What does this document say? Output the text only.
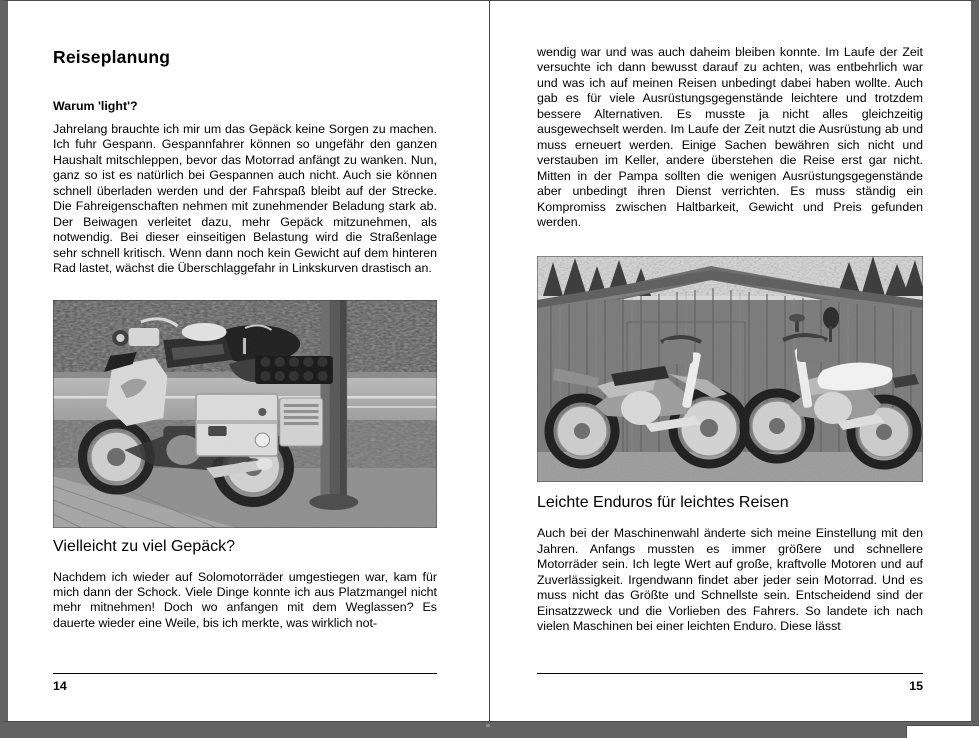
Reiseplanung
Warum 'light'?

Jahrelang brauchte ich mir um das Gepäck keine Sorgen zu machen. Ich fuhr Gespann. Gespannfahrer können so ungefähr den ganzen Haushalt mitschleppen, bevor das Motorrad anfängt zu wanken. Nun, ganz so ist es natürlich bei Gespannen auch nicht. Auch sie können schnell überladen werden und der Fahrspaß bleibt auf der Strecke. Die Fahreigenschaften nehmen mit zunehmender Beladung stark ab. Der Beiwagen verleitet dazu, mehr Gepäck mitzunehmen, als notwendig. Bei dieser einseitigen Belastung wird die Straßenlage sehr schnell kritisch. Wenn dann noch kein Gewicht auf dem hinteren Rad lastet, wächst die Überschlaggefahr in Linkskurven drastisch an.

Vielleicht zu viel Gepäck?

Nachdem ich wieder auf Solomotorräder umgestiegen war, kam für mich dann der Schock. Viele Dinge konnte ich aus Platzmangel nicht mehr mitnehmen! Doch wo anfangen mit dem Weglassen? Es dauerte wieder eine Weile, bis ich merkte, was wirklich not-

14

wendig war und was auch daheim bleiben konnte. Im Laufe der Zeit versuchte ich dann bewusst darauf zu achten, was entbehrlich war und was ich auf meinen Reisen unbedingt dabei haben wollte. Auch gab es für viele Ausrüstungsgegenstände leichtere und trotzdem bessere Alternativen. Es musste ja nicht alles gleichzeitig ausgewechselt werden. Im Laufe der Zeit nutzt die Ausrüstung ab und muss erneuert werden. Einige Sachen bewähren sich nicht und verstauben im Keller, andere überstehen die Reise erst gar nicht. Mitten in der Pampa sollten die wenigen Ausrüstungsgegenstände aber unbedingt ihren Dienst verrichten. Es muss ständig ein Kompromiss zwischen Haltbarkeit, Gewicht und Preis gefunden werden.

Leichte Enduros für leichtes Reisen

Auch bei der Maschinenwahl änderte sich meine Einstellung mit den Jahren. Anfangs mussten es immer größere und schnellere Motorräder sein. Ich legte Wert auf große, kraftvolle Motoren und auf Zuverlässigkeit. Irgendwann findet aber jeder sein Motorrad. Und es muss nicht das Größte und Schnellste sein. Entscheidend sind der Einsatzzweck und die Vorlieben des Fahrers. So landete ich nach vielen Maschinen bei einer leichten Enduro. Diese lässt

15
